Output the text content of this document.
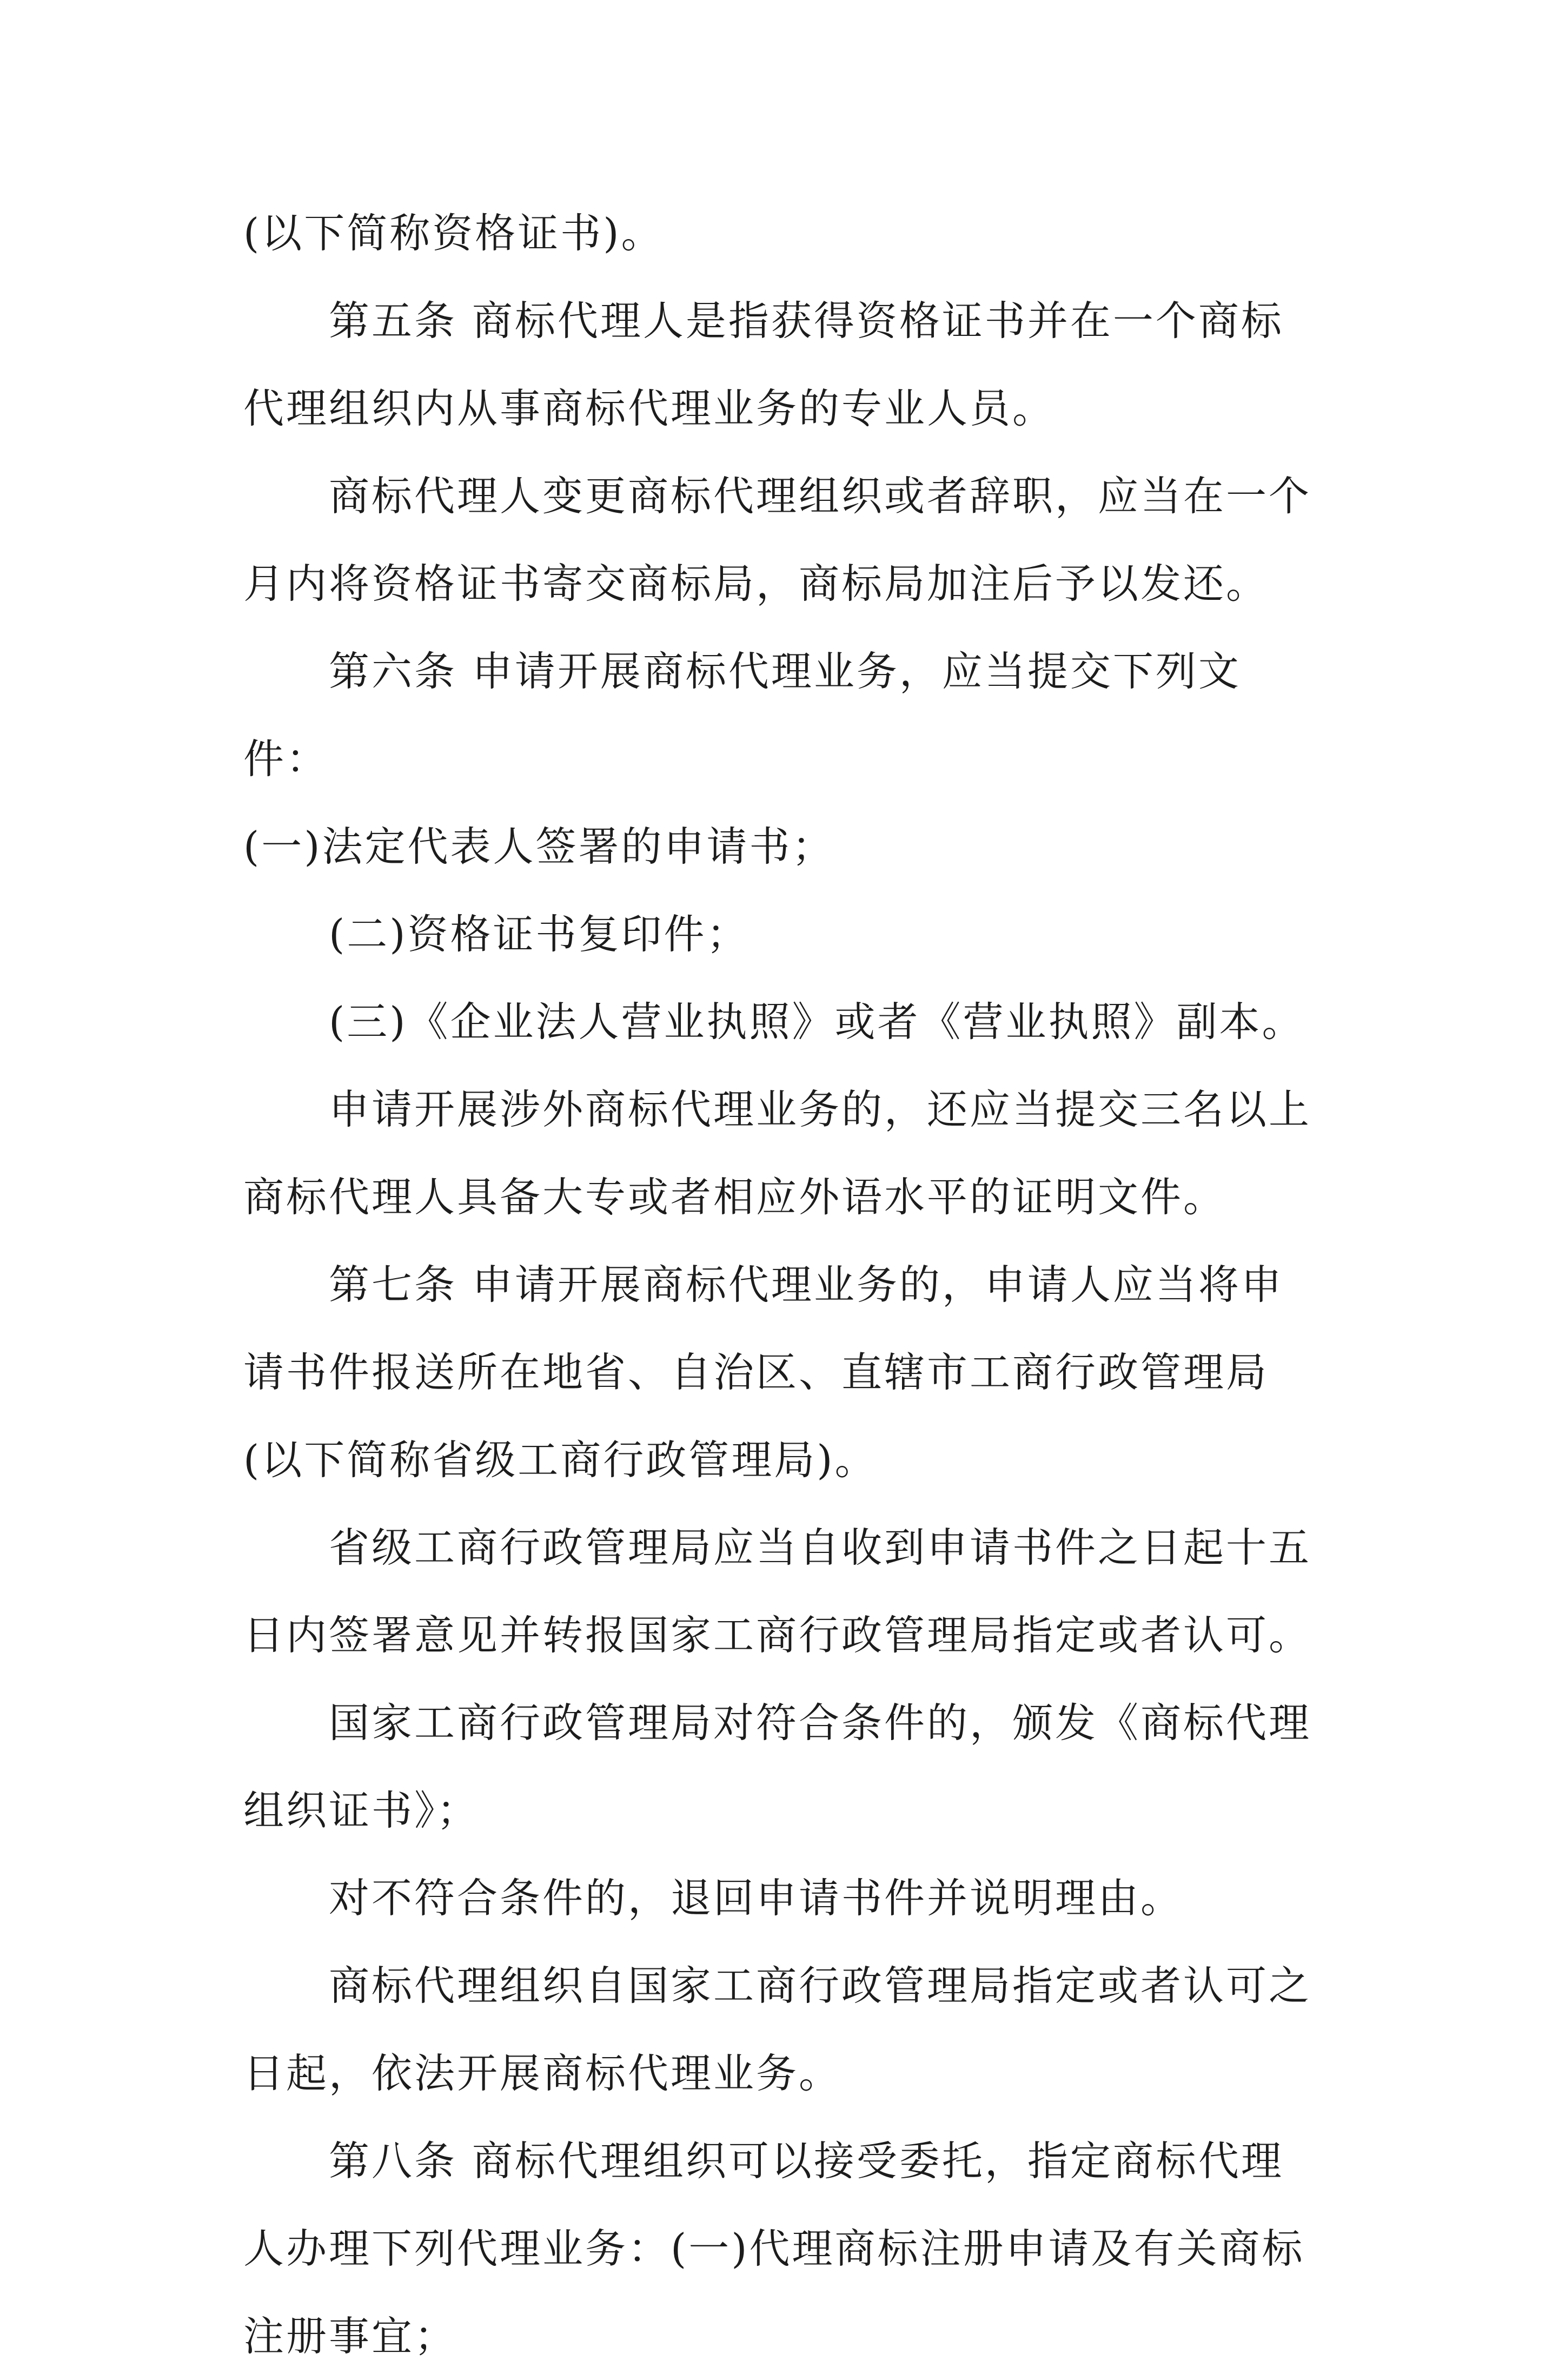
(以下简称资格证书)。

第五条 商标代理人是指获得资格证书并在一个商标代理组织内从事商标代理业务的专业人员。

商标代理人变更商标代理组织或者辞职，应当在一个月内将资格证书寄交商标局，商标局加注后予以发还。

第六条 申请开展商标代理业务，应当提交下列文件：

(一)法定代表人签署的申请书；

(二)资格证书复印件；

(三)《企业法人营业执照》或者《营业执照》副本。

申请开展涉外商标代理业务的，还应当提交三名以上商标代理人具备大专或者相应外语水平的证明文件。

第七条 申请开展商标代理业务的，申请人应当将申请书件报送所在地省、自治区、直辖市工商行政管理局(以下简称省级工商行政管理局)。

省级工商行政管理局应当自收到申请书件之日起十五日内签署意见并转报国家工商行政管理局指定或者认可。

国家工商行政管理局对符合条件的，颁发《商标代理组织证书》；

对不符合条件的，退回申请书件并说明理由。

商标代理组织自国家工商行政管理局指定或者认可之日起，依法开展商标代理业务。

第八条 商标代理组织可以接受委托，指定商标代理人办理下列代理业务：(一)代理商标注册申请及有关商标注册事宜；
